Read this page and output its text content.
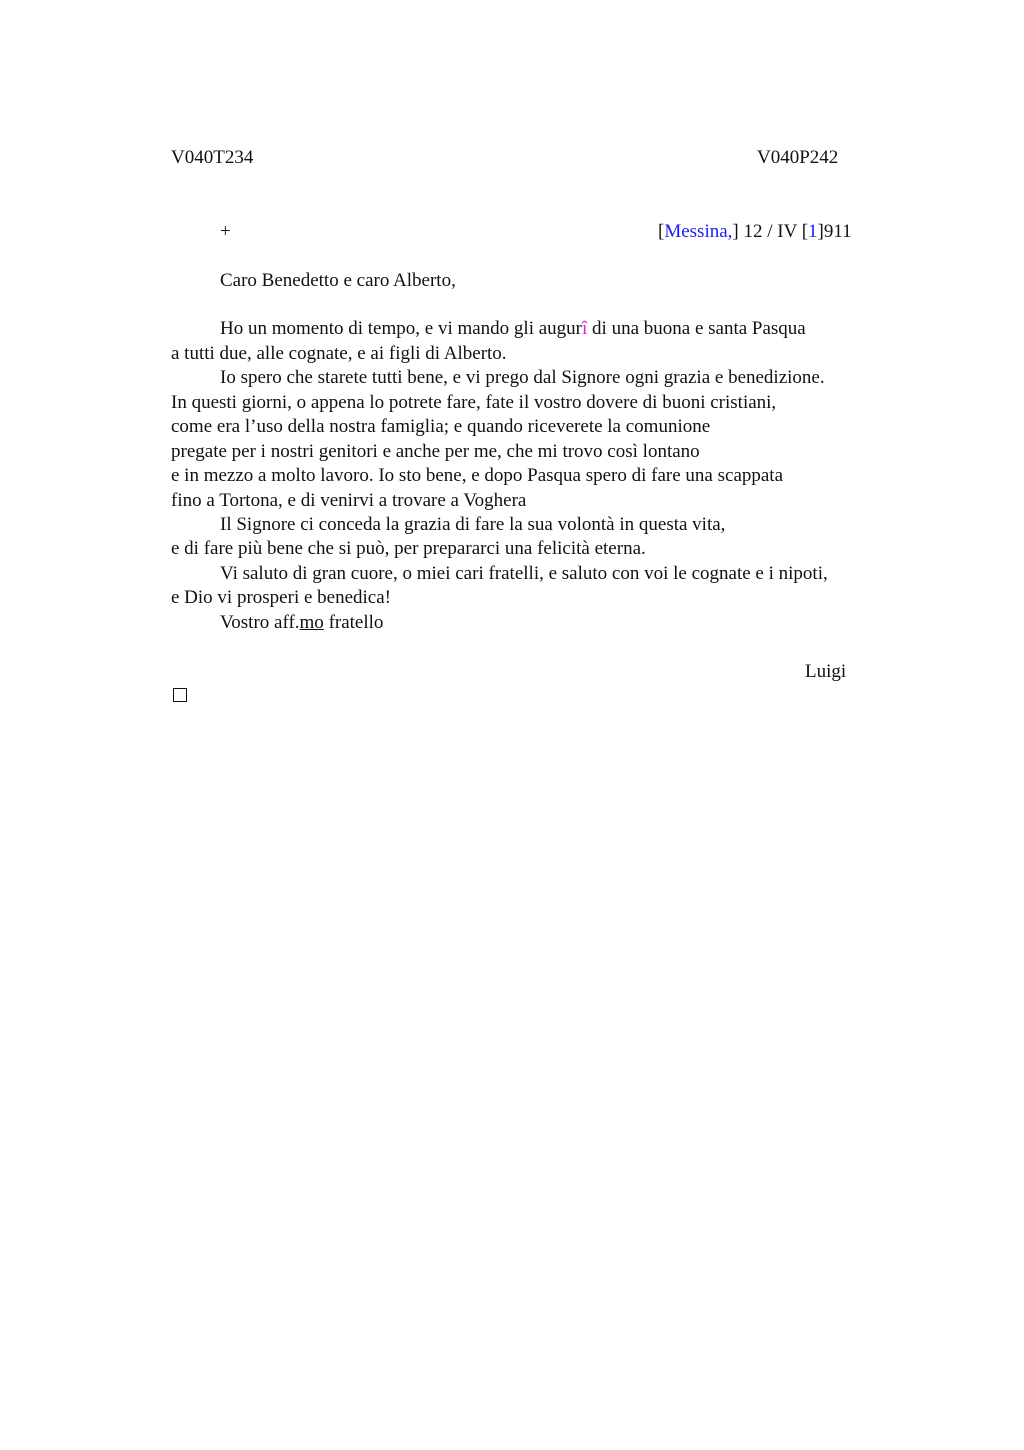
V040T234	V040P242
+	[Messina,] 12 / IV [1]911
Caro Benedetto e caro Alberto,
Ho un momento di tempo, e vi mando gli augurî di una buona e santa Pasqua
a tutti due, alle cognate, e ai figli di Alberto.
Io spero che starete tutti bene, e vi prego dal Signore ogni grazia e benedizione.
In questi giorni, o appena lo potrete fare, fate il vostro dovere di buoni cristiani,
come era l’uso della nostra famiglia; e quando riceverete la comunione
pregate per i nostri genitori e anche per me, che mi trovo così lontano
e in mezzo a molto lavoro. Io sto bene, e dopo Pasqua spero di fare una scappata
fino a Tortona, e di venirvi a trovare a Voghera
Il Signore ci conceda la grazia di fare la sua volontà in questa vita,
e di fare più bene che si può, per prepararci una felicità eterna.
Vi saluto di gran cuore, o miei cari fratelli, e saluto con voi le cognate e i nipoti,
e Dio vi prosperi e benedica!
Vostro aff.mo fratello
Luigi
